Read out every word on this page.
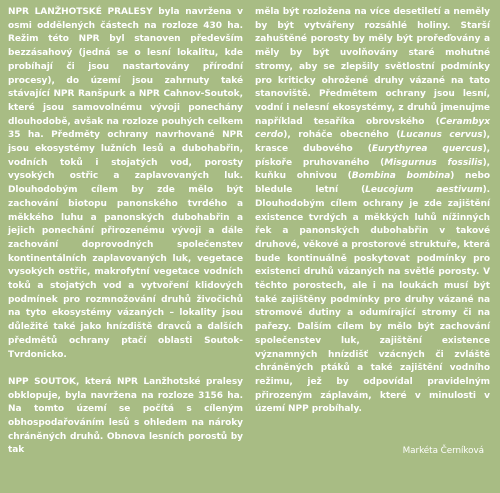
NPR LANŽHOTSKÉ PRALESY byla navržena v osmi oddělených částech na rozloze 430 ha. Režim této NPR byl stanoven především bezzásahový (jedná se o lesní lokalitu, kde probíhají či jsou nastartovány přírodní procesy), do území jsou zahrnuty také stávající NPR Ranšpurk a NPR Cahnov-Soutok, které jsou samovolnému vývoji ponechány dlouhodobě, avšak na rozloze pouhých celkem 35 ha. Předměty ochrany navrhované NPR jsou ekosystémy lužních lesů a dubohabřin, vodních toků i stojatých vod, porosty vysokých ostřic a zaplavovaných luk. Dlouhodobým cílem by zde mělo být zachování biotopu panonského tvrdého a měkkého luhu a panonských dubohabřin a jejich ponechání přirozenému vývoji a dále zachování doprovodných společenstev kontinentálních zaplavovaných luk, vegetace vysokých ostřic, makrofytní vegetace vodních toků a stojatých vod a vytvoření klidových podmínek pro rozmnožování druhů živočichů na tyto ekosystémy vázaných – lokality jsou důležité také jako hnízdiště dravců a dalších předmětů ochrany ptačí oblasti Soutok-Tvrdonicko.

NPP SOUTOK, která NPR Lanžhotské pralesy obklopuje, byla navržena na rozloze 3156 ha. Na tomto území se počítá s cíleným obhospodařováním lesů s ohledem na nároky chráněných druhů. Obnova lesních porostů by tak

měla být rozložena na více desetiletí a neměly by být vytvářeny rozsáhlé holiny. Starší zahuštěné porosty by měly být prořeďovány a měly by být uvolňovány staré mohutné stromy, aby se zlepšily světlostní podmínky pro kriticky ohrožené druhy vázané na tato stanoviště. Předmětem ochrany jsou lesní, vodní i nelesní ekosystémy, z druhů jmenujme například tesaříka obrovského (Cerambyx cerdo), roháče obecného (Lucanus cervus), krasce dubového (Eurythyrea quercus), pískoře pruhovaného (Misgurnus fossilis), kuňku ohnivou (Bombina bombina) nebo bledule letní (Leucojum aestivum). Dlouhodobým cílem ochrany je zde zajištění existence tvrdých a měkkých luhů nížinných řek a panonských dubohabřin v takové druhové, věkové a prostorové struktuře, která bude kontinuálně poskytovat podmínky pro existenci druhů vázaných na světlé porosty. V těchto porostech, ale i na loukách musí být také zajištěny podmínky pro druhy vázané na stromové dutiny a odumírající stromy či na pařezy. Dalším cílem by mělo být zachování společenstev luk, zajištění existence významných hnízdišť vzácných či zvláště chráněných ptáků a také zajištění vodního režimu, jež by odpovídal pravidelným přirozeným záplavám, které v minulosti v území NPP probíhaly.

Markéta Černíková
